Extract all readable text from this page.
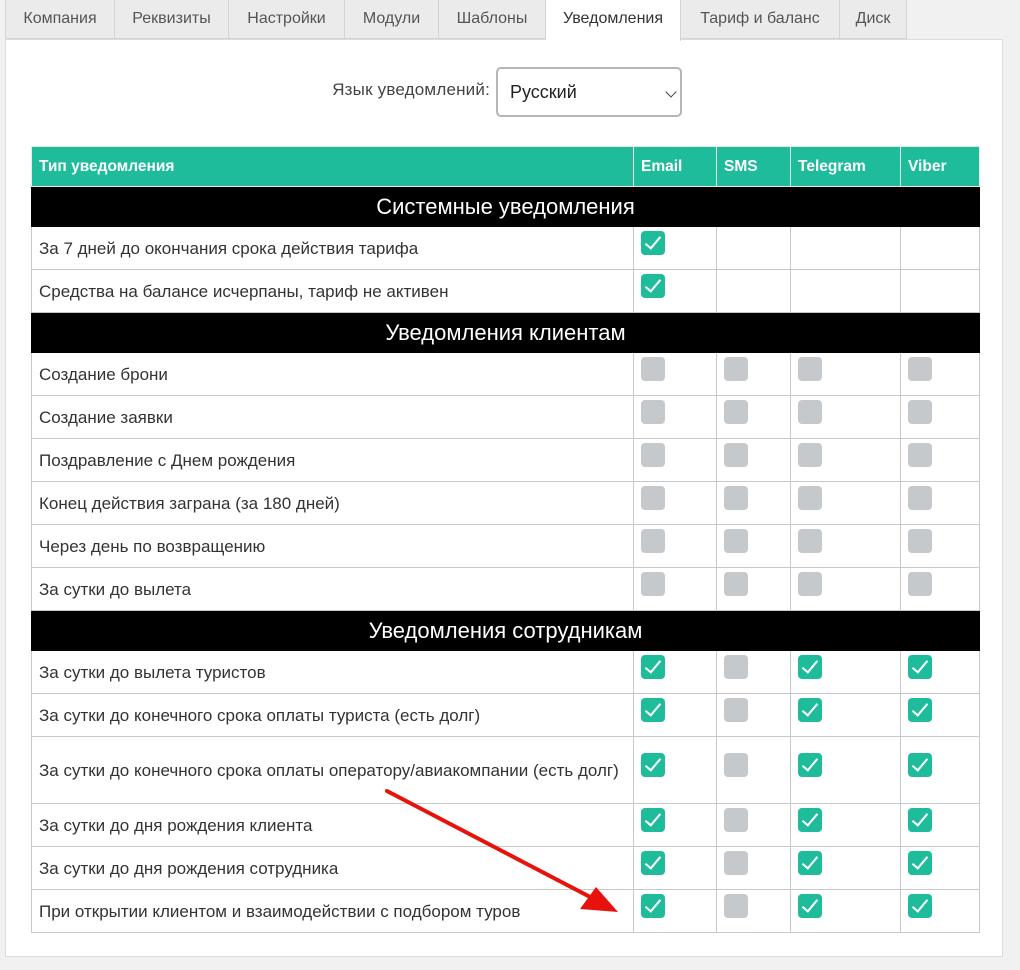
Компания	Реквизиты	Настройки	Модули	Шаблоны	Уведомления	Тариф и баланс	Диск
Язык уведомлений:	Русский
Тип уведомления	Email	SMS	Telegram	Viber
Системные уведомления				
За 7 дней до окончания срока действия тарифа	

Средства на балансе исчерпаны, тариф не активен	

Уведомления клиентам				
Создание брони	

Создание заявки	

Поздравление с Днем рождения	

Конец действия заграна (за 180 дней)	

Через день по возвращению	

За сутки до вылета	

Уведомления сотрудникам				
За сутки до вылета туристов	

За сутки до конечного срока оплаты туриста (есть долг)	

За сутки до конечного срока оплаты оператору/авиакомпании (есть долг)	

За сутки до дня рождения клиента	

За сутки до дня рождения сотрудника	

При открытии клиентом и взаимодействии с подбором туров	
